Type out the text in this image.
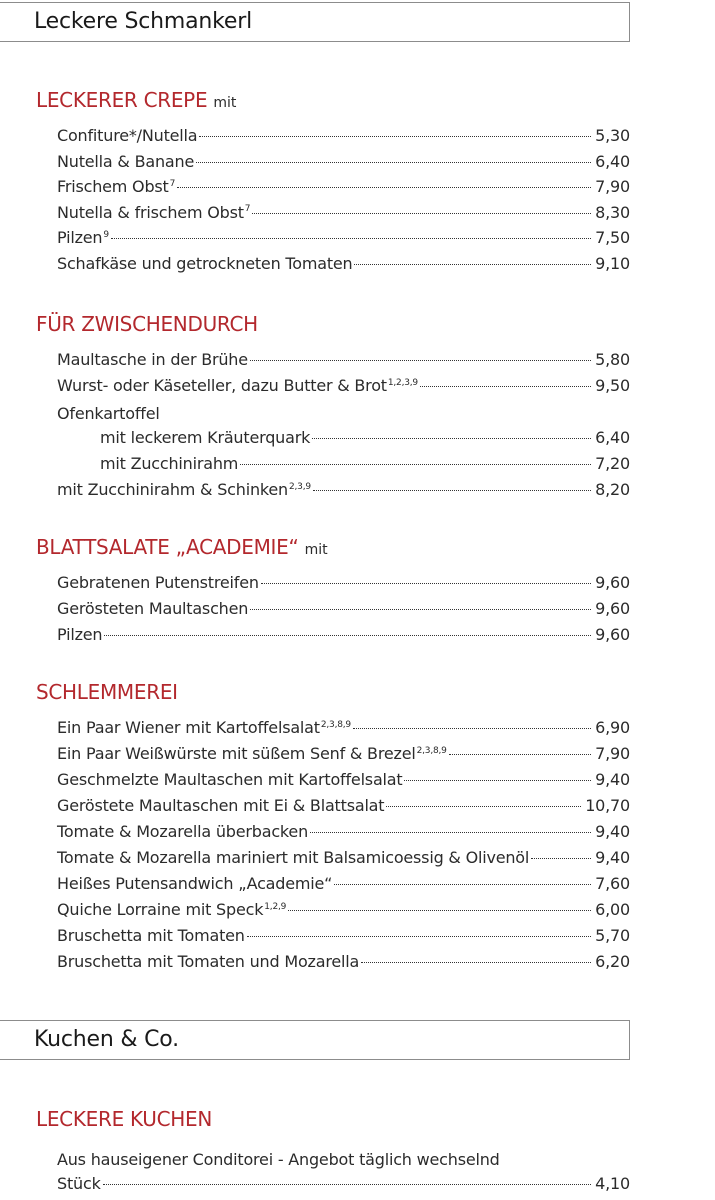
Leckere Schmankerl
LECKERER CREPE mit
FÜR ZWISCHENDURCH
Ofenkartoffel
BLATTSALATE „ACADEMIE“ mit
SCHLEMMEREI
Kuchen & Co.
LECKERE KUCHEN
Aus hauseigener Conditorei - Angebot täglich wechselnd
Confiture*/Nutella	5,30
Nutella & Banane	6,40
Frischem Obst$^7$	7,90
Nutella & frischem Obst$^7$	8,30
Pilzen$^9$	7,50
Schafkäse und getrockneten Tomaten	9,10
Maultasche in der Brühe	5,80
Wurst- oder Käseteller, dazu Butter & Brot$^{1,2,3,9}$	9,50
mit leckerem Kräuterquark	6,40
mit Zucchinirahm	7,20
Gebratenen Putenstreifen	9,60
Gerösteten Maultaschen	9,60
Pilzen	9,60
Ein Paar Wiener mit Kartoffelsalat$^{2,3,8,9}$	6,90
Ein Paar Weißwürste mit süßem Senf & Brezel$^{2,3,8,9}$	7,90
Geschmelzte Maultaschen mit Kartoffelsalat	9,40
Geröstete Maultaschen mit Ei & Blattsalat	10,70
Tomate & Mozarella überbacken	9,40
Tomate & Mozarella mariniert mit Balsamicoessig & Olivenöl	9,40
Heißes Putensandwich „Academie“	7,60
Quiche Lorraine mit Speck$^{1,2,9}$	6,00
Bruschetta mit Tomaten	5,70
Bruschetta mit Tomaten und Mozarella	6,20
Stück	4,10
mit Zucchinirahm & Schinken$^{2,3,9}$	8,20
